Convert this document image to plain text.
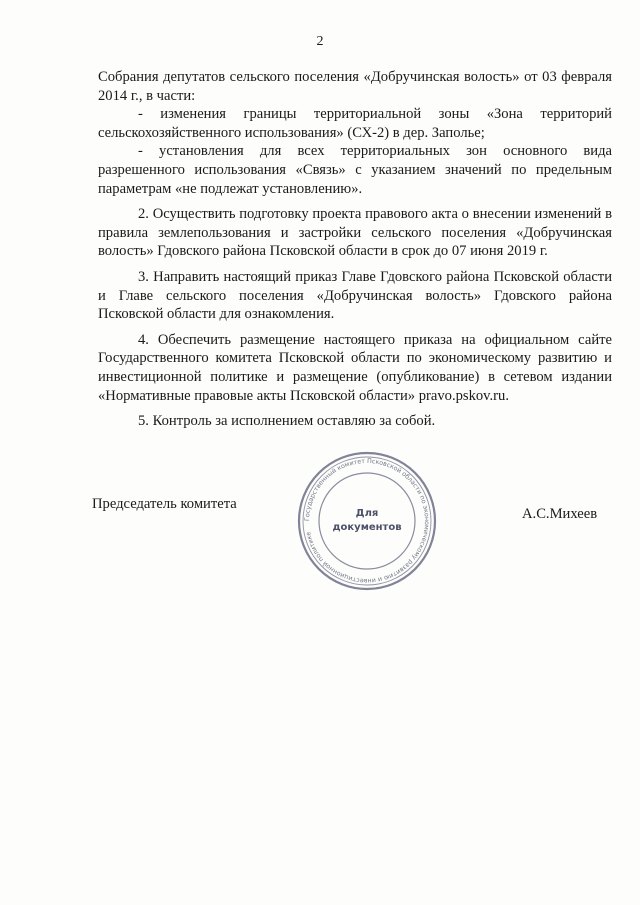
2

Собрания депутатов сельского поселения «Добручинская волость» от 03 февраля 2014 г., в части:

- изменения границы территориальной зоны «Зона территорий сельскохозяйственного использования» (СХ-2) в дер. Заполье;

- установления для всех территориальных зон основного вида разрешенного использования «Связь» с указанием значений по предельным параметрам «не подлежат установлению».

2. Осуществить подготовку проекта правового акта о внесении изменений в правила землепользования и застройки сельского поселения «Добручинская волость» Гдовского района Псковской области в срок до 07 июня 2019 г.

3. Направить настоящий приказ Главе Гдовского района Псковской области и Главе сельского поселения «Добручинская волость» Гдовского района Псковской области для ознакомления.

4. Обеспечить размещение настоящего приказа на официальном сайте Государственного комитета Псковской области по экономическому развитию и инвестиционной политике и размещение (опубликование) в сетевом издании «Нормативные правовые акты Псковской области» pravo.pskov.ru.

5. Контроль за исполнением оставляю за собой.

Председатель комитета
А.С.Михеев
Государственный комитет Псковской области по экономическому развитию и инвестиционной политике
Для
документов
